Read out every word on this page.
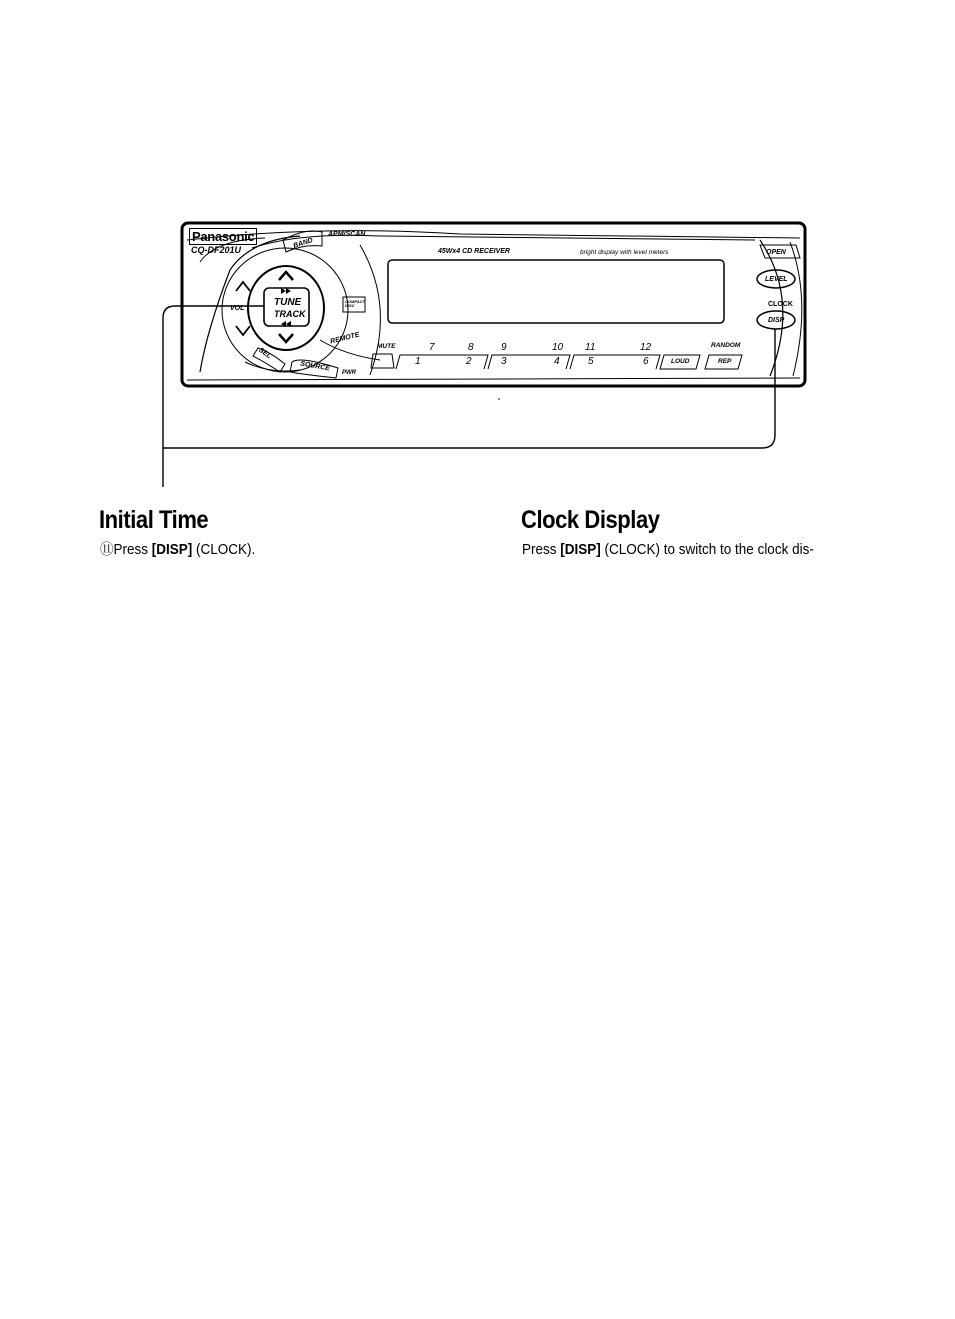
Panasonic
CQ-DF201U
APM/SCAN
BAND
45Wx4 CD RECEIVER	bright display with level meters	OPEN
LEVEL
CLOCK
DISP
VOL
TUNE
TRACK
COMPACT DISC
REMOTE
MUTE
SEL
SOURCE
PWR
LOUD
RANDOM
REP
7	8	9	10 11	12
1	2	3	4	5	6
Initial Time
⑪Press [DISP] (CLOCK).
Clock Display
Press [DISP] (CLOCK) to switch to the clock dis-
